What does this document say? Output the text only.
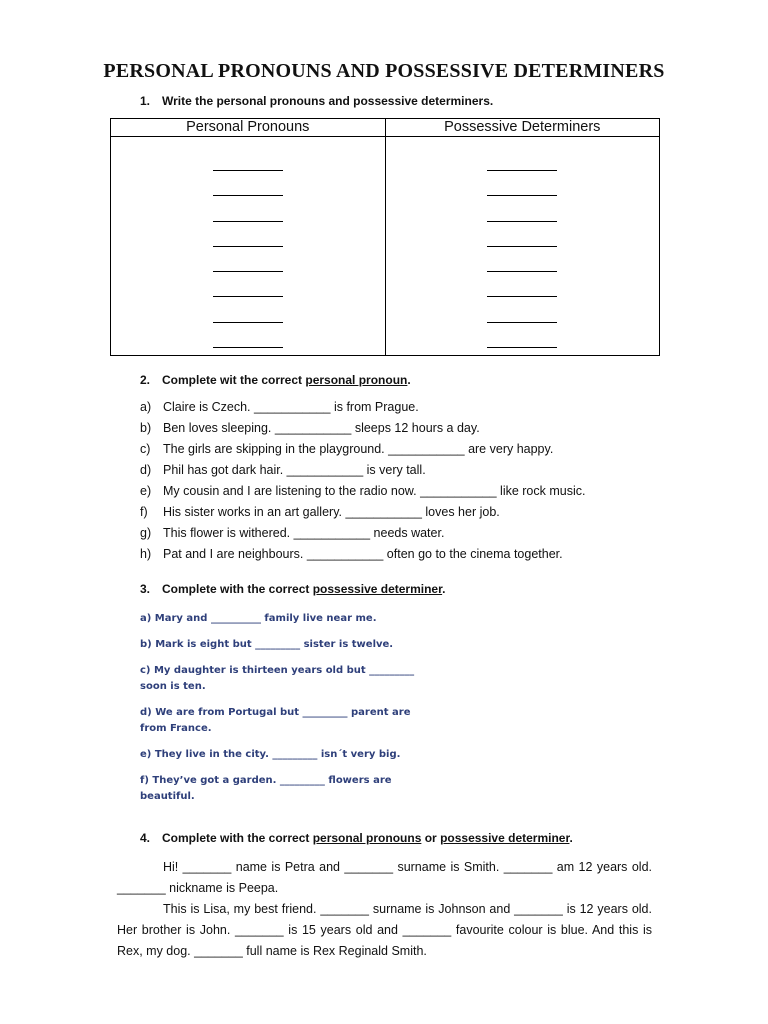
PERSONAL PRONOUNS AND POSSESSIVE DETERMINERS
1. Write the personal pronouns and possessive determiners.
Personal Pronouns	Possessive Determiners

2. Complete wit the correct personal pronoun.
a) Claire is Czech. ___________ is from Prague.
b) Ben loves sleeping. ___________ sleeps 12 hours a day.
c) The girls are skipping in the playground. ___________ are very happy.
d) Phil has got dark hair. ___________ is very tall.
e) My cousin and I are listening to the radio now. ___________ like rock music.
f) His sister works in an art gallery. ___________ loves her job.
g) This flower is withered. ___________ needs water.
h) Pat and I are neighbours. ___________ often go to the cinema together.
3. Complete with the correct possessive determiner.
a) Mary and __________ family live near me.
b) Mark is eight but _________ sister is twelve.
c) My daughter is thirteen years old but _________
soon is ten.
d) We are from Portugal but _________ parent are
from France.
e) They live in the city. _________ isn´t very big.
f) They’ve got a garden. _________ flowers are
beautiful.
4. Complete with the correct personal pronouns or possessive determiner.

Hi! _______ name is Petra and _______ surname is Smith. _______ am 12 years old. _______ nickname is Peepa.

This is Lisa, my best friend. _______ surname is Johnson and _______ is 12 years old. Her brother is John. _______ is 15 years old and _______ favourite colour is blue. And this is Rex, my dog. _______ full name is Rex Reginald Smith.
